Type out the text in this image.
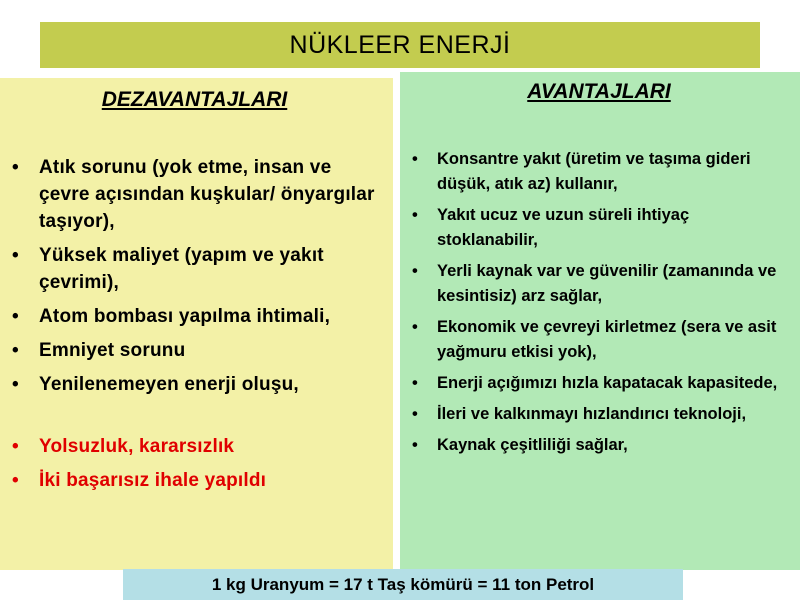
NÜKLEER ENERJİ

DEZAVANTAJLARI

• Atık sorunu (yok etme, insan ve çevre açısından kuşkular/ önyargılar taşıyor),
• Yüksek maliyet (yapım ve yakıt çevrimi),
• Atom bombası yapılma ihtimali,
• Emniyet sorunu
• Yenilenemeyen enerji oluşu,
• Yolsuzluk, kararsızlık
• İki başarısız ihale yapıldı

AVANTAJLARI

• Konsantre yakıt (üretim ve taşıma gideri düşük, atık az) kullanır,
• Yakıt ucuz ve uzun süreli ihtiyaç stoklanabilir,
• Yerli kaynak var ve güvenilir (zamanında ve kesintisiz) arz sağlar,
• Ekonomik ve çevreyi kirletmez (sera ve asit yağmuru etkisi yok),
• Enerji açığımızı hızla kapatacak kapasitede,
• İleri ve kalkınmayı hızlandırıcı teknoloji,
• Kaynak çeşitliliği sağlar,
1 kg Uranyum = 17 t Taş kömürü = 11 ton Petrol
